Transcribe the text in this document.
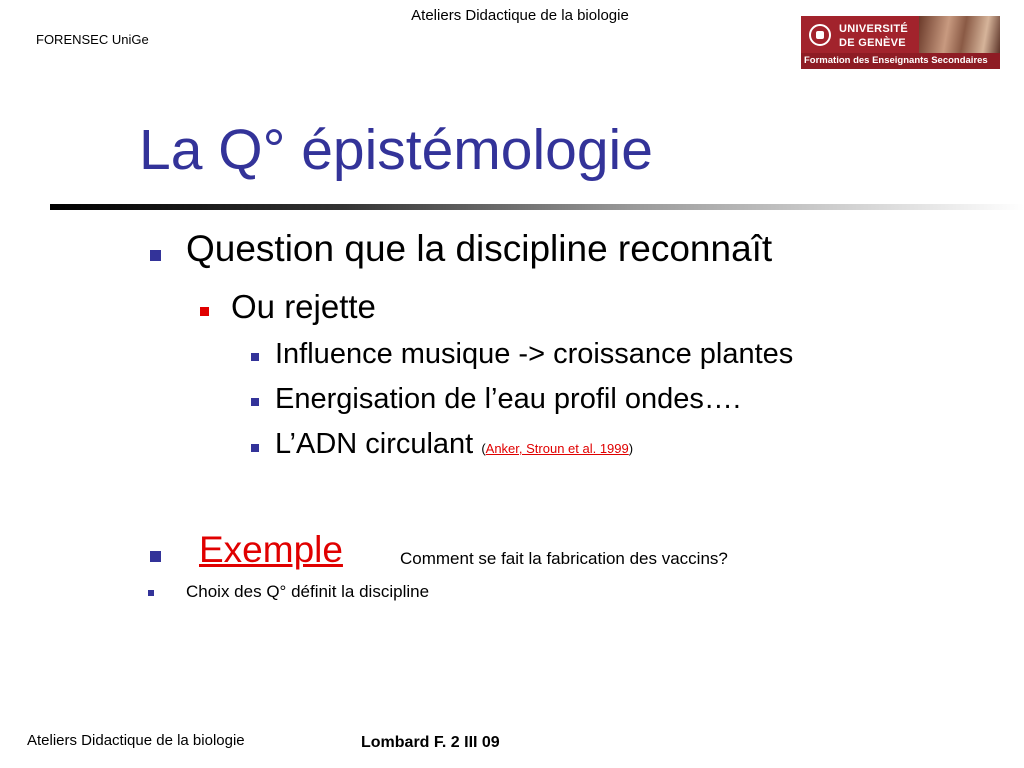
Ateliers Didactique de la biologie
FORENSEC UniGe
UNIVERSITÉ
DE GENÈVE
Formation des Enseignants Secondaires
La Q° épistémologie
Question que la discipline reconnaît
Ou rejette
Influence musique -> croissance plantes
Energisation de l’eau profil ondes….
L’ADN circulant (Anker, Stroun et al. 1999)
Exemple	Comment se fait la fabrication des vaccins?
Choix des Q° définit la discipline
Ateliers Didactique de la biologie	Lombard F. 2 III 09
